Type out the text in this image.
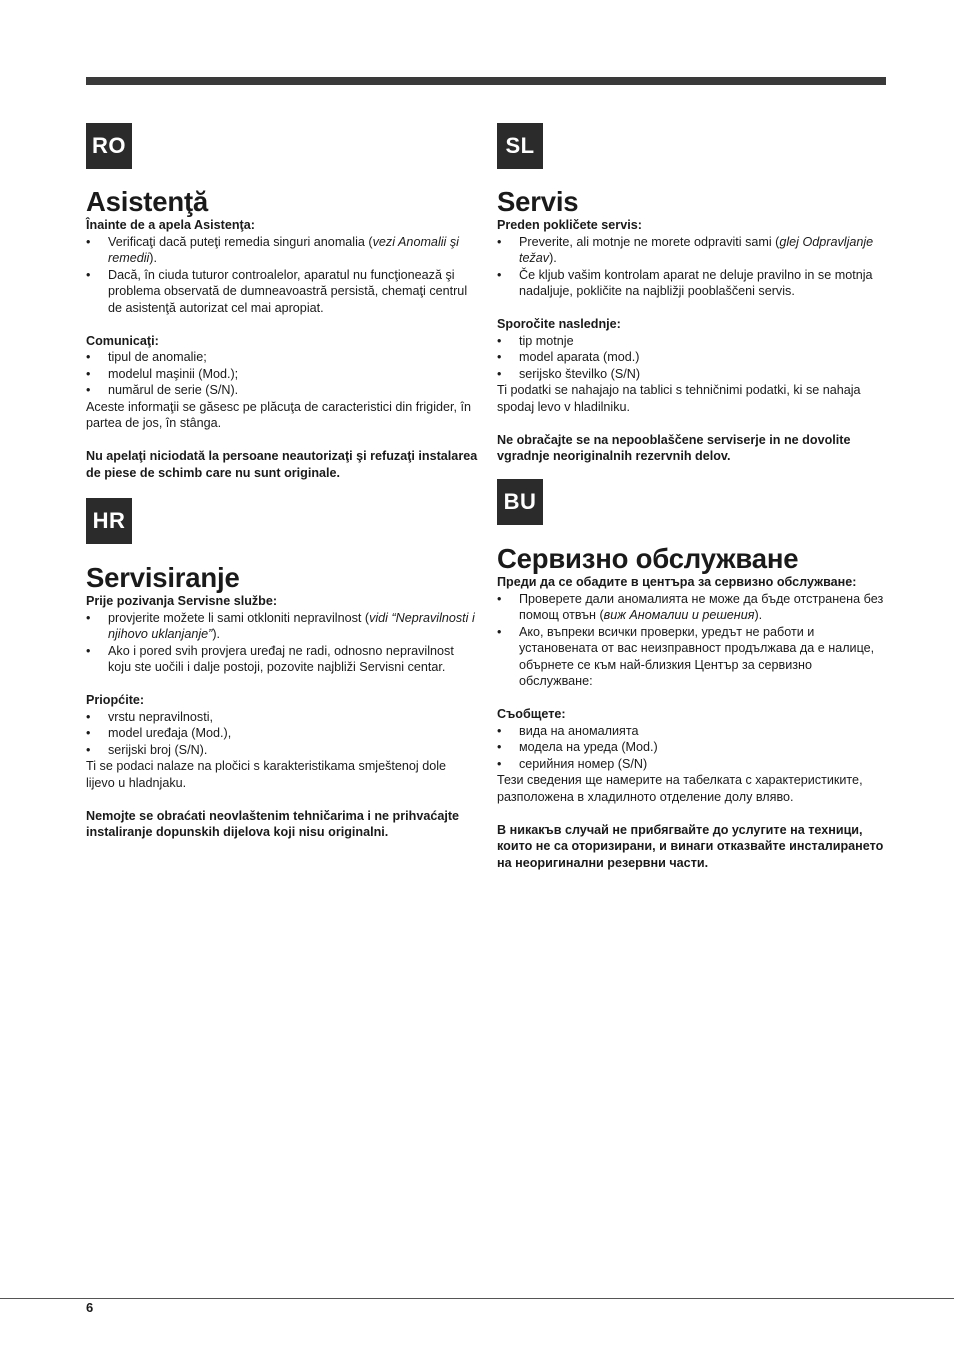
RO
Asistenţă

Înainte de a apela Asistenţa:

• Verificaţi dacă puteţi remedia singuri anomalia (vezi Anomalii şi remedii).
• Dacă, în ciuda tuturor controalelor, aparatul nu funcţionează şi problema observată de dumneavoastră persistă, chemaţi centrul de asistenţă autorizat cel mai apropiat.

Comunicaţi:

• tipul de anomalie;
• modelul maşinii (Mod.);
• numărul de serie (S/N).

Aceste informaţii se găsesc pe plăcuţa de caracteristici din frigider, în partea de jos, în stânga.

Nu apelaţi niciodată la persoane neautorizaţi şi refuzaţi instalarea de piese de schimb care nu sunt originale.

HR
Servisiranje

Prije pozivanja Servisne službe:

• provjerite možete li sami otkloniti nepravilnost (vidi “Nepravilnosti i njihovo uklanjanje”).
• Ako i pored svih provjera uređaj ne radi, odnosno nepravilnost koju ste uočili i dalje postoji, pozovite najbliži Servisni centar.

Priopćite:

• vrstu nepravilnosti,
• model uređaja (Mod.),
• serijski broj (S/N).

Ti se podaci nalaze na pločici s karakteristikama smještenoj dole lijevo u hladnjaku.

Nemojte se obraćati neovlaštenim tehničarima i ne prihvaćajte instaliranje dopunskih dijelova koji nisu originalni.

SL
Servis

Preden pokličete servis:

• Preverite, ali motnje ne morete odpraviti sami (glej Odpravljanje težav).
• Če kljub vašim kontrolam aparat ne deluje pravilno in se motnja nadaljuje, pokličite na najbližji pooblaščeni servis.

Sporočite naslednje:

• tip motnje
• model aparata (mod.)
• serijsko številko (S/N)

Ti podatki se nahajajo na tablici s tehničnimi podatki, ki se nahaja spodaj levo v hladilniku.

Ne obračajte se na nepooblaščene serviserje in ne dovolite vgradnje neoriginalnih rezervnih delov.

BU
Сервизно обслужване

Преди да се обадите в центъра за сервизно обслужване:

• Проверете дали аномалията не може да бъде отстранена без помощ отвън (виж Аномалии и решения).
• Ако, въпреки всички проверки, уредът не работи и установената от вас неизправност продължава да е налице, обърнете се към най-близкия Център за сервизно обслужване:

Съобщете:

• вида на аномалията
• модела на уреда (Mod.)
• серийния номер (S/N)

Тези сведения ще намерите на табелката с характеристиките, разположена в хладилното отделение долу вляво.

В никакъв случай не прибягвайте до услугите на техници, които не са оторизирани, и винаги отказвайте инсталирането на неоригинални резервни части.

6
